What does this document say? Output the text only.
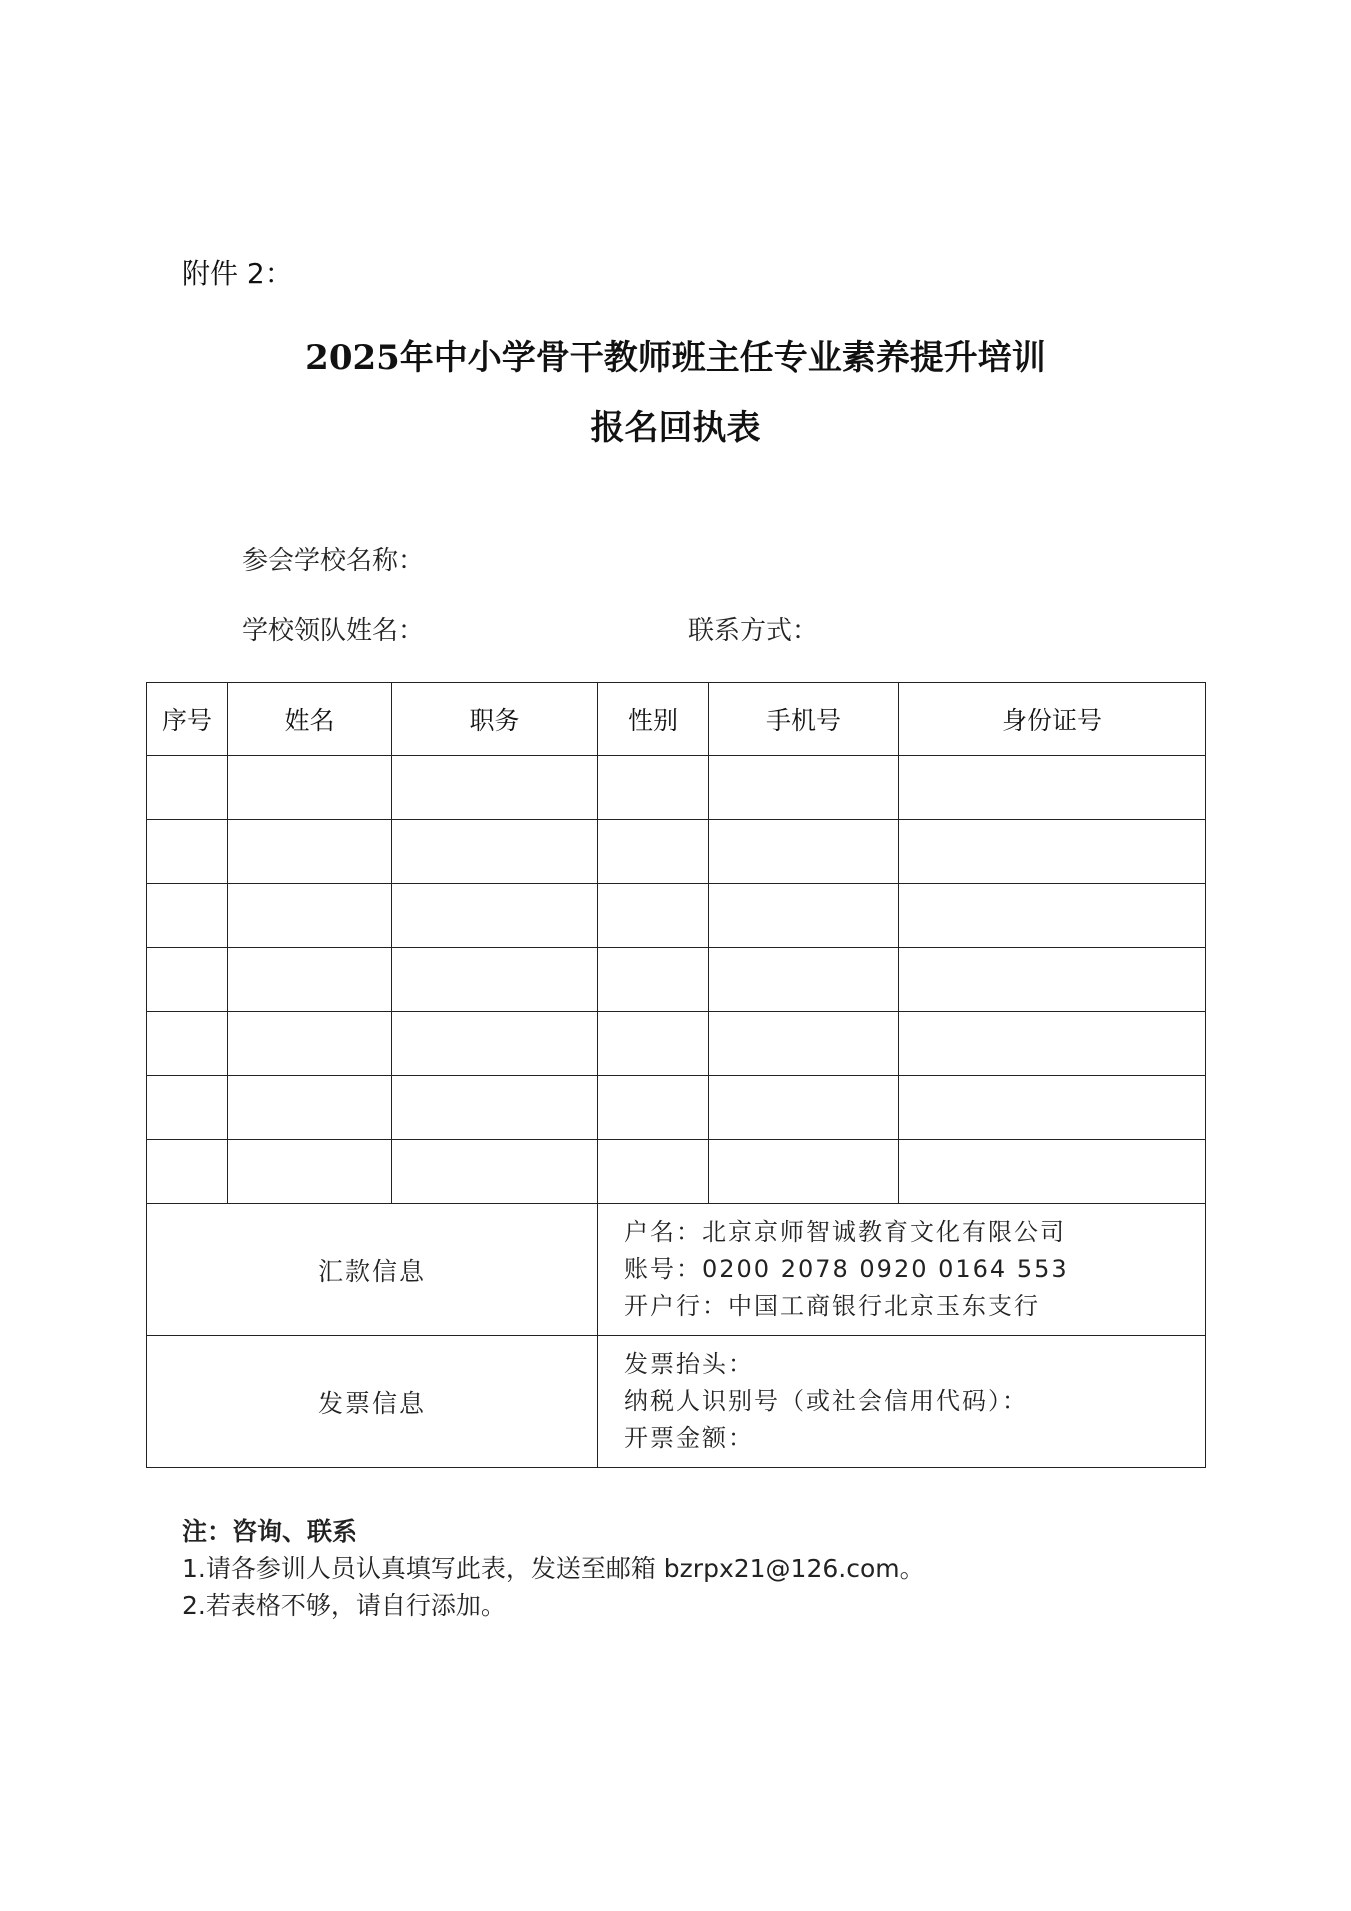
附件 2：
2025年中小学骨干教师班主任专业素养提升培训
报名回执表
参会学校名称：
学校领队姓名：	联系方式：
序号	姓名	职务	性别	手机号	身份证号

汇款信息			户名：北京京师智诚教育文化有限公司
账号：0200 2078 0920 0164 553
开户行：中国工商银行北京玉东支行		

发票信息			发票抬头：
纳税人识别号（或社会信用代码）：
开票金额：		
注：咨询、联系
1.请各参训人员认真填写此表，发送至邮箱 bzrpx21@126.com。
2.若表格不够，请自行添加。
